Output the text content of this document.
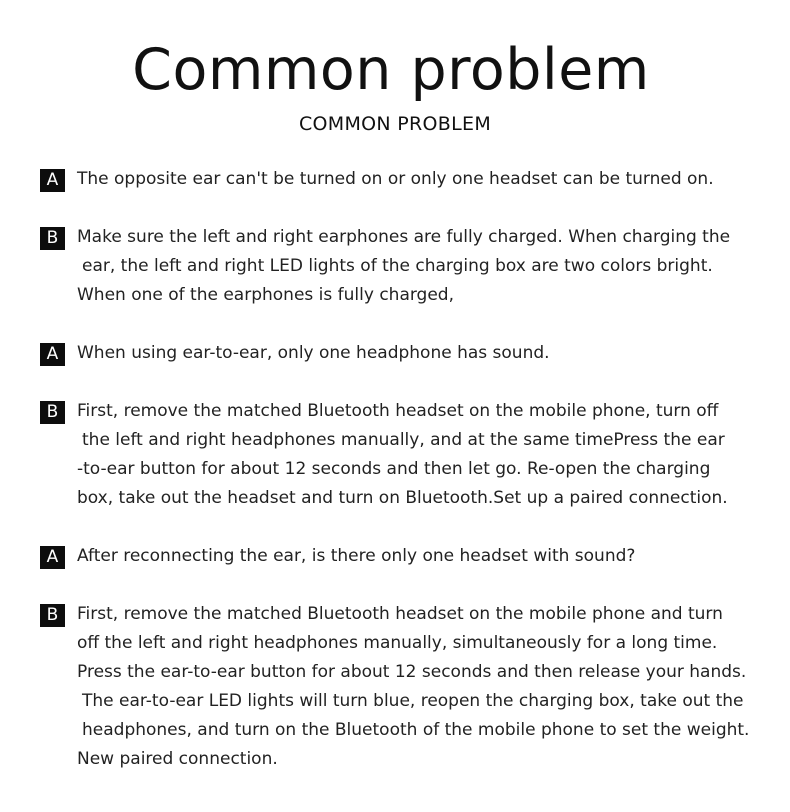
Common problem
COMMON PROBLEM
A	The opposite ear can't be turned on or only one headset can be turned on.
B	Make sure the left and right earphones are fully charged. When charging the
ear, the left and right LED lights of the charging box are two colors bright.
When one of the earphones is fully charged,
A	When using ear-to-ear, only one headphone has sound.
B	First, remove the matched Bluetooth headset on the mobile phone, turn off
the left and right headphones manually, and at the same timePress the ear
-to-ear button for about 12 seconds and then let go. Re-open the charging
box, take out the headset and turn on Bluetooth.Set up a paired connection.
A	After reconnecting the ear, is there only one headset with sound?
B	First, remove the matched Bluetooth headset on the mobile phone and turn
off the left and right headphones manually, simultaneously for a long time.
Press the ear-to-ear button for about 12 seconds and then release your hands.
The ear-to-ear LED lights will turn blue, reopen the charging box, take out the
headphones, and turn on the Bluetooth of the mobile phone to set the weight.
New paired connection.
